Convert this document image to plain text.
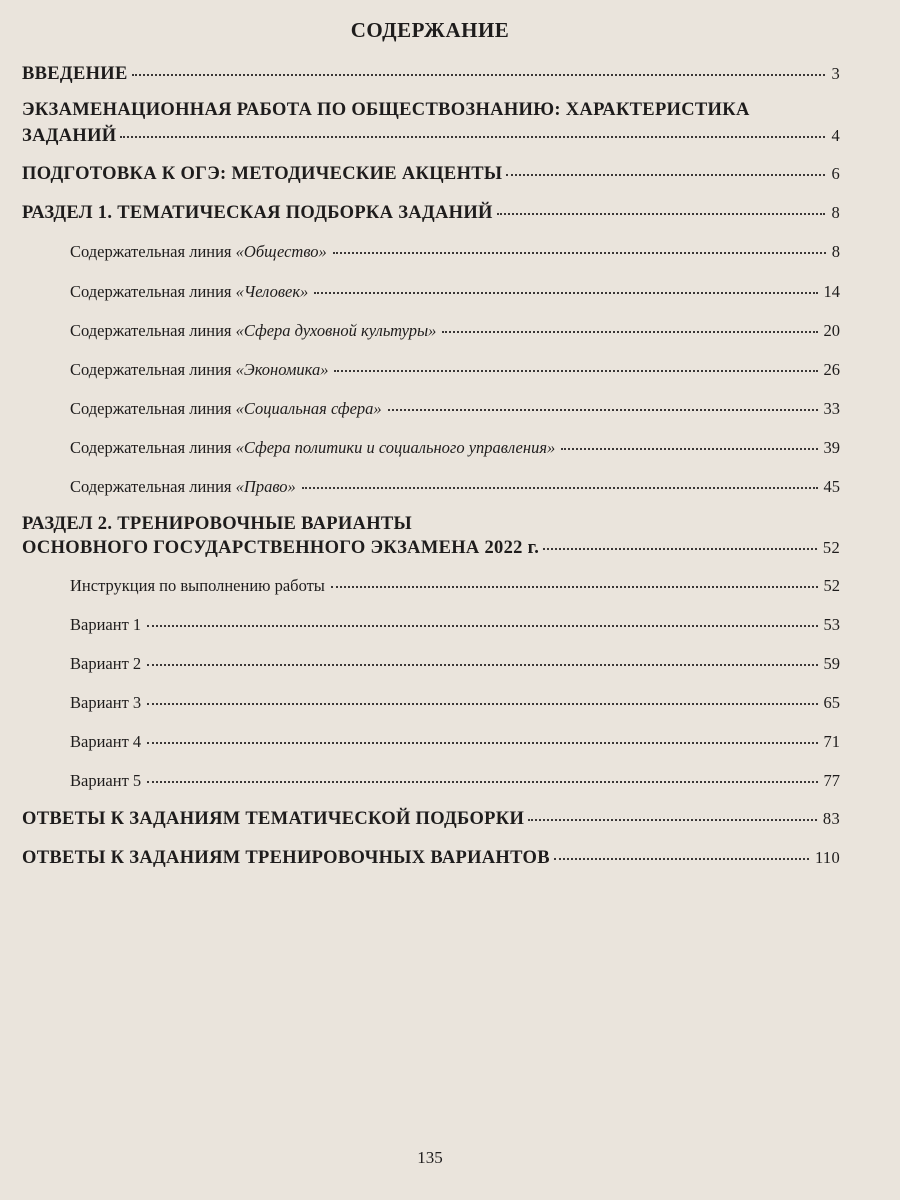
СОДЕРЖАНИЕ
ВВЕДЕНИЕ	3
ЭКЗАМЕНАЦИОННАЯ РАБОТА ПО ОБЩЕСТВОЗНАНИЮ: ХАРАКТЕРИСТИКА
ЗАДАНИЙ	4
ПОДГОТОВКА К ОГЭ: МЕТОДИЧЕСКИЕ АКЦЕНТЫ	6
РАЗДЕЛ 1. ТЕМАТИЧЕСКАЯ ПОДБОРКА ЗАДАНИЙ	8
Содержательная линия «Общество»	8
Содержательная линия «Человек»	14
Содержательная линия «Сфера духовной культуры»	20
Содержательная линия «Экономика»	26
Содержательная линия «Социальная сфера»	33
Содержательная линия «Сфера политики и социального управления»	39
Содержательная линия «Право»	45
РАЗДЕЛ 2. ТРЕНИРОВОЧНЫЕ ВАРИАНТЫ
ОСНОВНОГО ГОСУДАРСТВЕННОГО ЭКЗАМЕНА 2022 г.	52
Инструкция по выполнению работы	52
Вариант 1	53
Вариант 2	59
Вариант 3	65
Вариант 4	71
Вариант 5	77
ОТВЕТЫ К ЗАДАНИЯМ ТЕМАТИЧЕСКОЙ ПОДБОРКИ	83
ОТВЕТЫ К ЗАДАНИЯМ ТРЕНИРОВОЧНЫХ ВАРИАНТОВ	110
135
